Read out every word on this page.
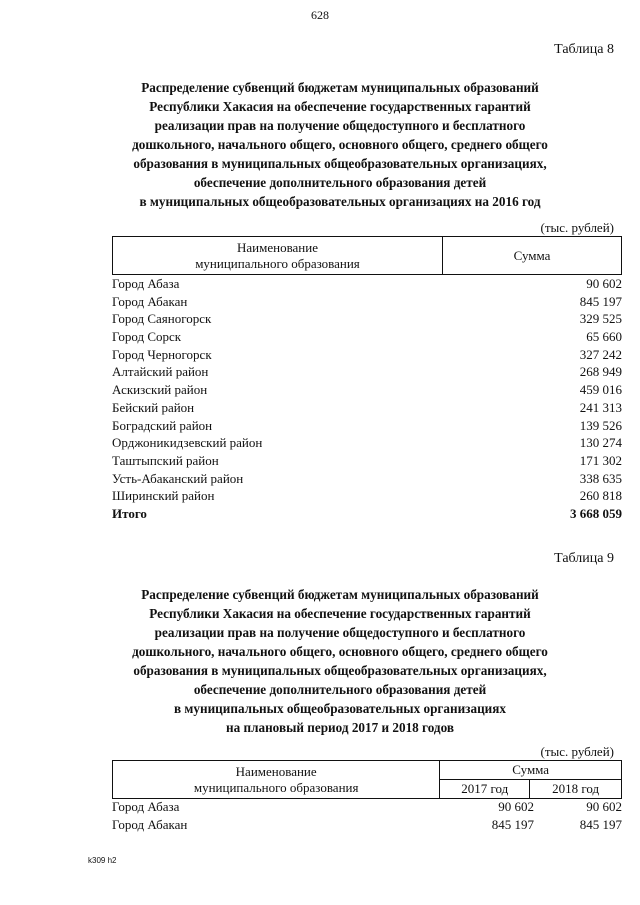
628
Таблица 8
Распределение субвенций бюджетам муниципальных образований
Республики Хакасия на обеспечение государственных гарантий
реализации прав на получение общедоступного и бесплатного
дошкольного, начального общего, основного общего, среднего общего
образования в муниципальных общеобразовательных организациях,
обеспечение дополнительного образования детей
в муниципальных общеобразовательных организациях на 2016 год
(тыс. рублей)
Наименование
муниципального образования
	Сумма
Город Абаза	90 602
Город Абакан	845 197
Город Саяногорск	329 525
Город Сорск	65 660
Город Черногорск	327 242
Алтайский район	268 949
Аскизский район	459 016
Бейский район	241 313
Боградский район	139 526
Орджоникидзевский район	130 274
Таштыпский район	171 302
Усть-Абаканский район	338 635
Ширинский район	260 818
Итого	3 668 059
Таблица 9
Распределение субвенций бюджетам муниципальных образований
Республики Хакасия на обеспечение государственных гарантий
реализации прав на получение общедоступного и бесплатного
дошкольного, начального общего, основного общего, среднего общего
образования в муниципальных общеобразовательных организациях,
обеспечение дополнительного образования детей
в муниципальных общеобразовательных организациях
на плановый период 2017 и 2018 годов
(тыс. рублей)
Наименование
муниципального образования	Сумма	
	2017 год	2018 год
Город Абаза	90 602	90 602
Город Абакан	845 197	845 197
k309 h2
